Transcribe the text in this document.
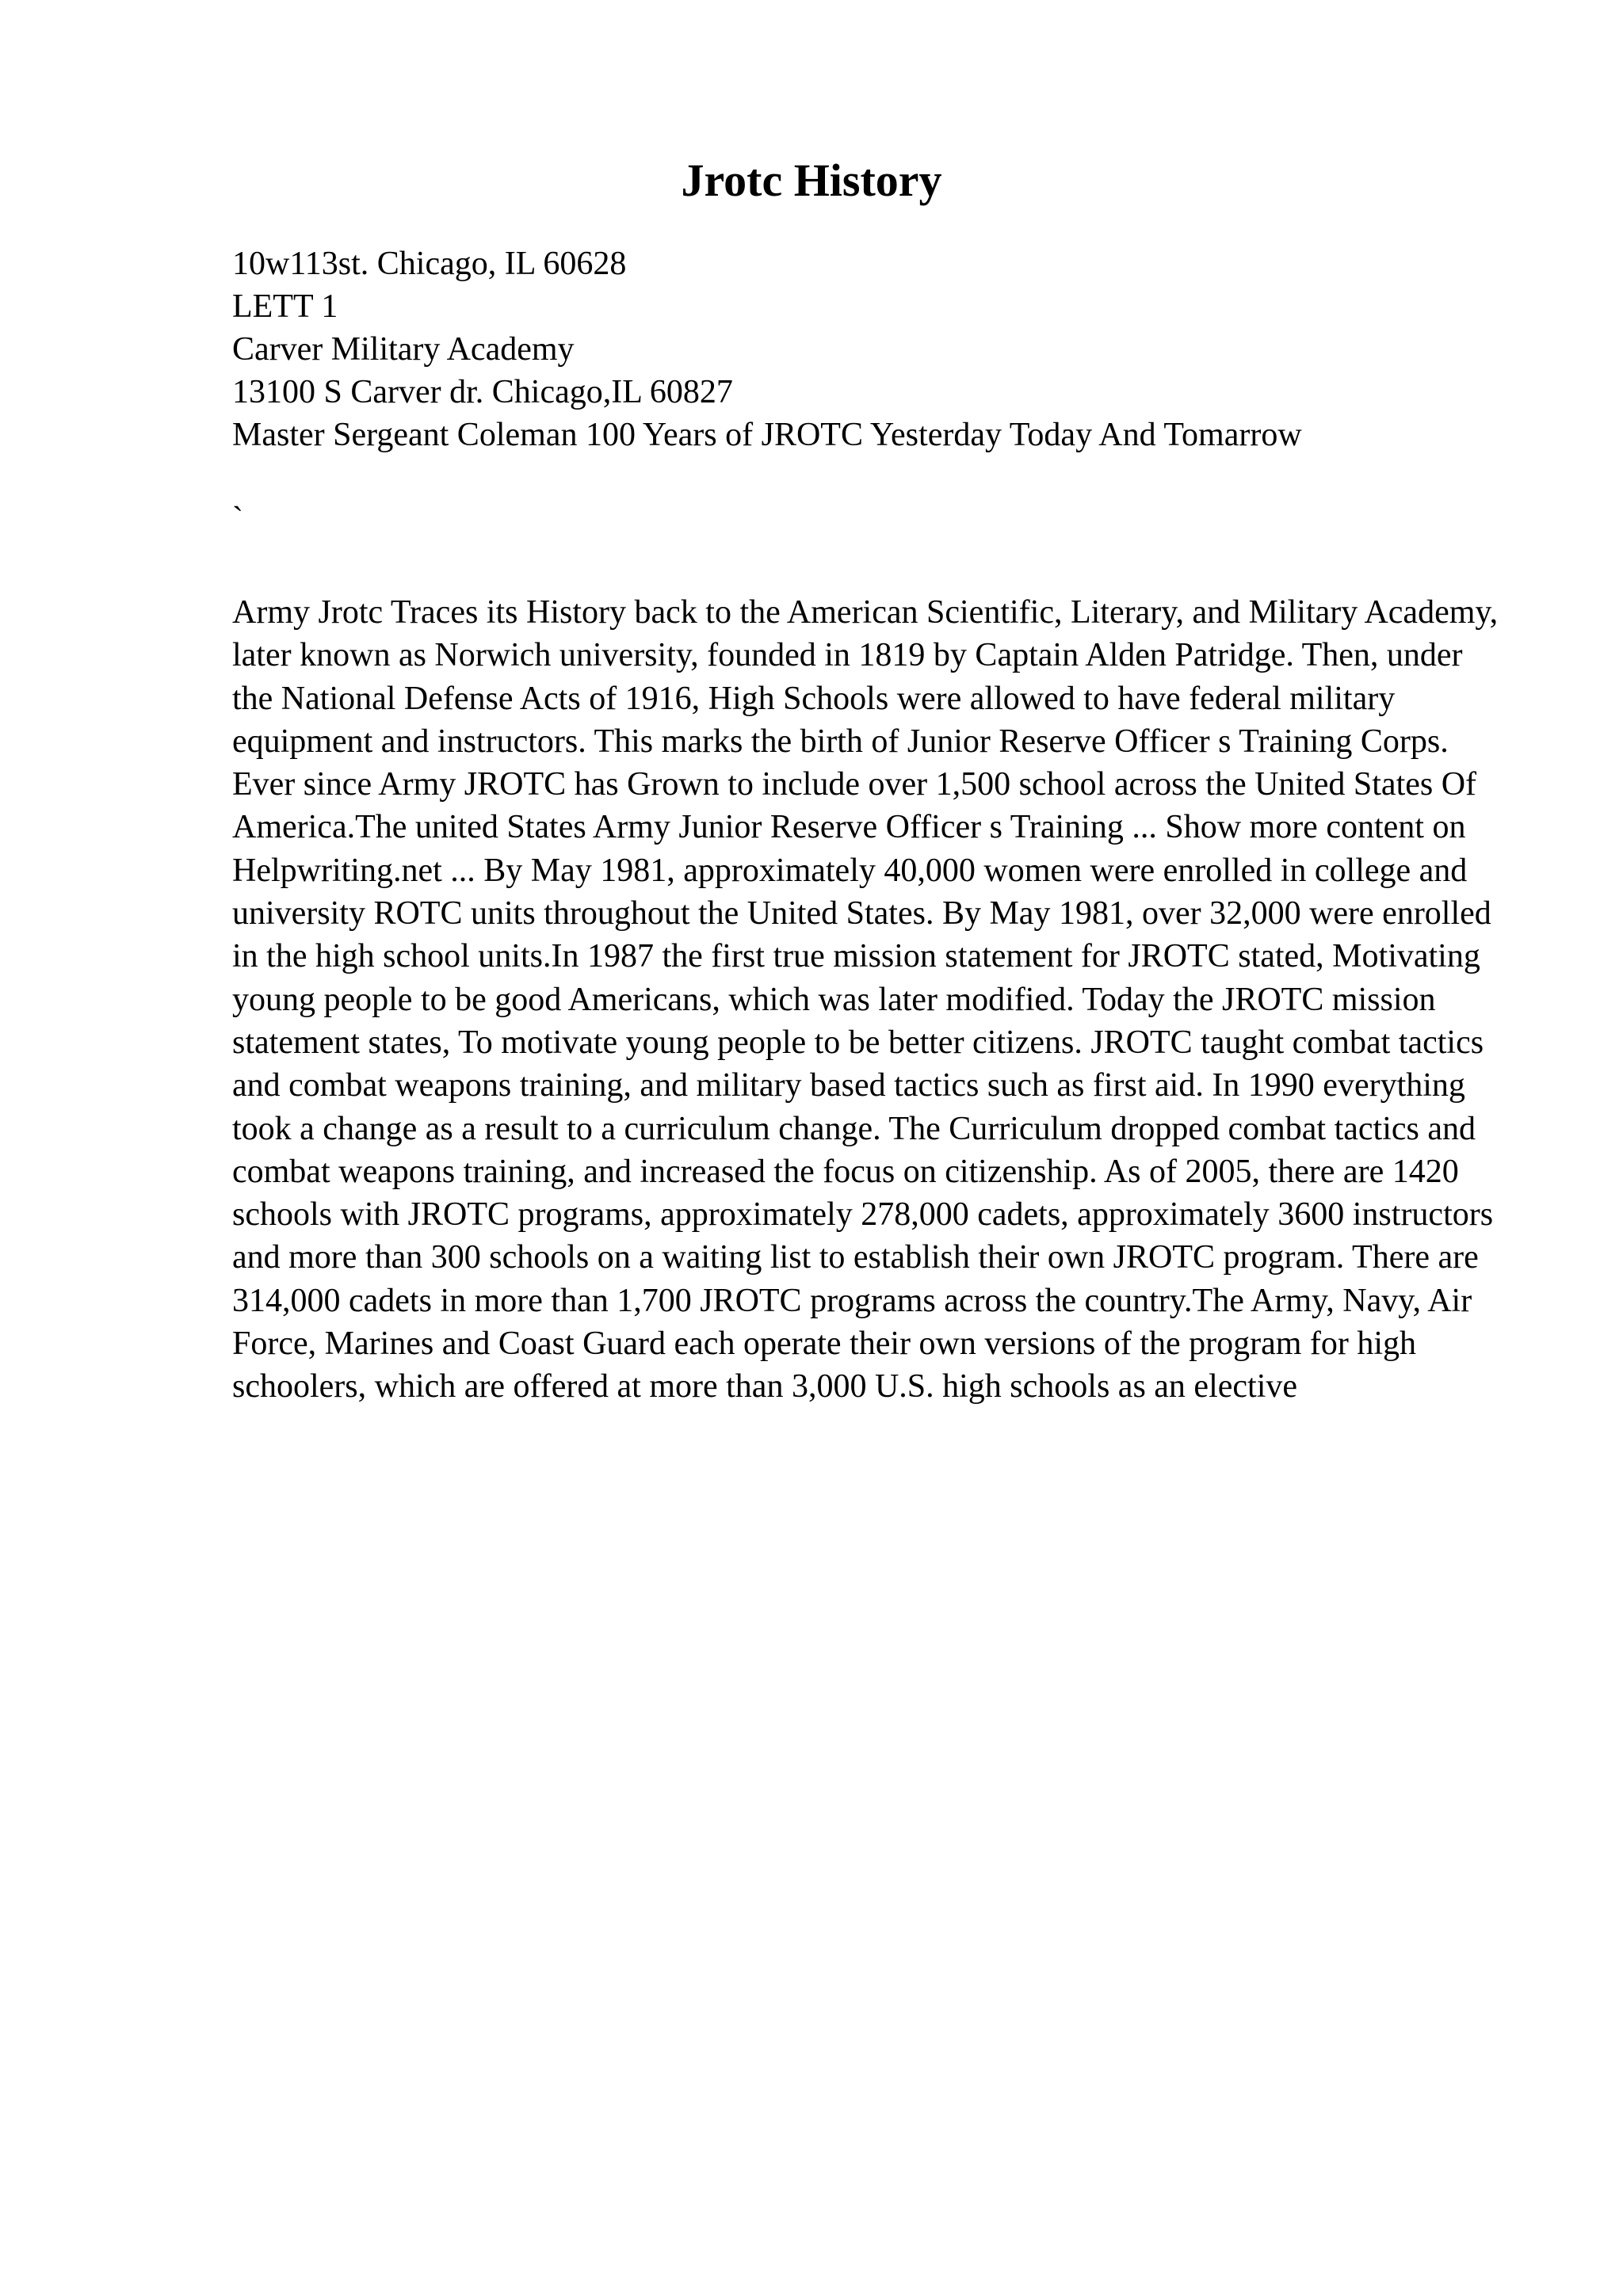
Jrotc History
10w113st. Chicago, IL 60628
LETT 1
Carver Military Academy
13100 S Carver dr. Chicago,IL 60827
Master Sergeant Coleman 100 Years of JROTC Yesterday Today And Tomarrow
`

Army Jrotc Traces its History back to the American Scientific, Literary, and Military Academy, later known as Norwich university, founded in 1819 by Captain Alden Patridge. Then, under the National Defense Acts of 1916, High Schools were allowed to have federal military equipment and instructors. This marks the birth of Junior Reserve Officer s Training Corps. Ever since Army JROTC has Grown to include over 1,500 school across the United States Of America.The united States Army Junior Reserve Officer s Training ... Show more content on Helpwriting.net ... By May 1981, approximately 40,000 women were enrolled in college and university ROTC units throughout the United States. By May 1981, over 32,000 were enrolled in the high school units.In 1987 the first true mission statement for JROTC stated, Motivating young people to be good Americans, which was later modified. Today the JROTC mission statement states, To motivate young people to be better citizens. JROTC taught combat tactics and combat weapons training, and military based tactics such as first aid. In 1990 everything took a change as a result to a curriculum change. The Curriculum dropped combat tactics and combat weapons training, and increased the focus on citizenship. As of 2005, there are 1420 schools with JROTC programs, approximately 278,000 cadets, approximately 3600 instructors and more than 300 schools on a waiting list to establish their own JROTC program. There are 314,000 cadets in more than 1,700 JROTC programs across the country.The Army, Navy, Air Force, Marines and Coast Guard each operate their own versions of the program for high schoolers, which are offered at more than 3,000 U.S. high schools as an elective
